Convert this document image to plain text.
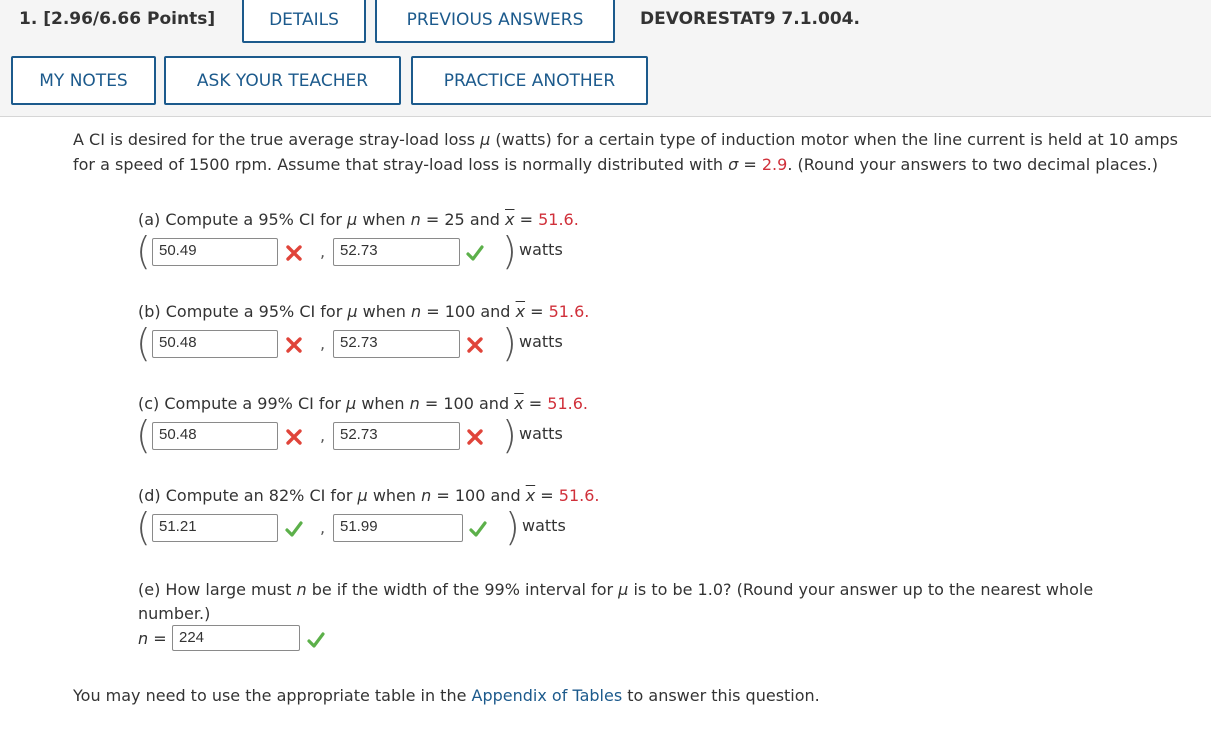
1. [2.96/6.66 Points]	DETAILS	PREVIOUS ANSWERS	DEVORESTAT9 7.1.004.
MY NOTES	ASK YOUR TEACHER	PRACTICE ANOTHER
A CI is desired for the true average stray-load loss μ (watts) for a certain type of induction motor when the line current is held at 10 amps for a speed of 1500 rpm. Assume that stray-load loss is normally distributed with σ = 2.9. (Round your answers to two decimal places.)
(a) Compute a 95% CI for μ when n = 25 and $\overline{x} = 51.6$.
( 50.49	, 52.73	) watts
(b) Compute a 95% CI for μ when n = 100 and $\overline{x} = 51.6$.
( 50.48	, 52.73	) watts
(c) Compute a 99% CI for μ when n = 100 and $\overline{x} = 51.6$.
( 50.48	, 52.73	) watts
(d) Compute an 82% CI for μ when n = 100 and $\overline{x} = 51.6$.
( 51.21	, 51.99	) watts
(e) How large must n be if the width of the 99% interval for μ is to be 1.0? (Round your answer up to the nearest whole number.)
n = 224
You may need to use the appropriate table in the Appendix of Tables to answer this question.
